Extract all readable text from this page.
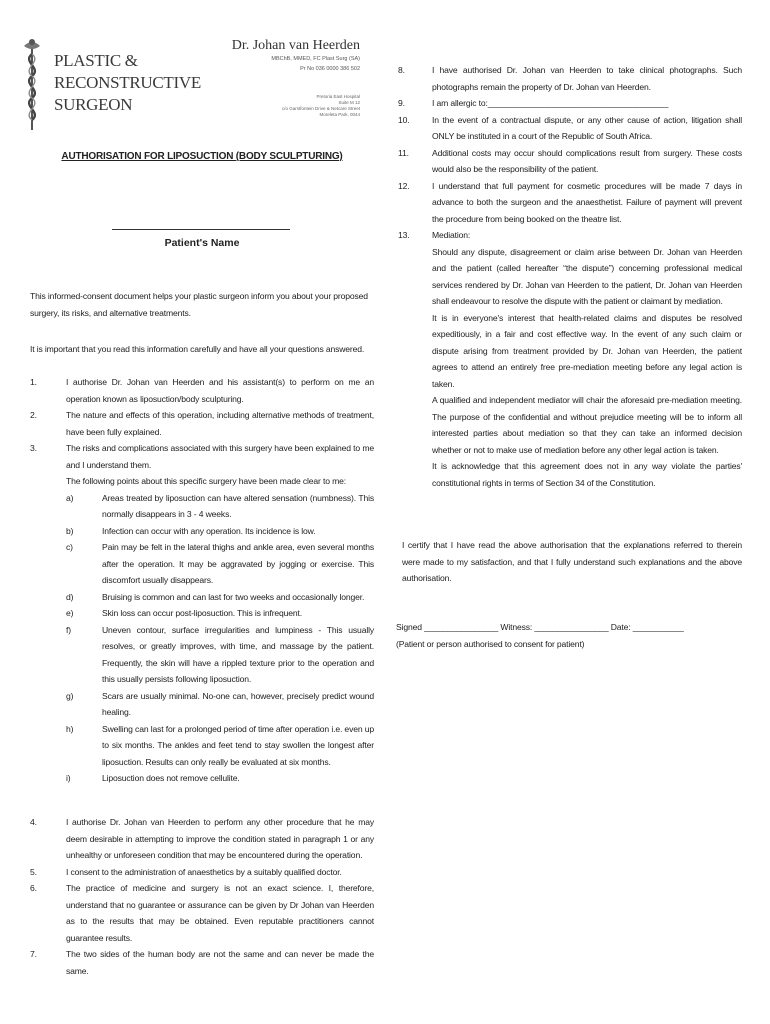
PLASTIC &
RECONSTRUCTIVE
SURGEON
Dr. Johan van Heerden
MBChB, MMED, FC Plast Surg (SA)
Pr No 036 0000 386 502
Pretoria East Hospital
Suite M 12
c/o Garstfontein Drive & Netcare Street
Moreleta Park, 0044
AUTHORISATION FOR LIPOSUCTION (BODY SCULPTURING)
Patient's Name
This informed-consent document helps your plastic surgeon inform you about your proposed surgery, its risks, and alternative treatments.
It is important that you read this information carefully and have all your questions answered.
1.	I authorise Dr. Johan van Heerden and his assistant(s) to perform on me an operation known as liposuction/body sculpturing.
2.	The nature and effects of this operation, including alternative methods of treatment, have been fully explained.
3.	The risks and complications associated with this surgery have been explained to me and I understand them.
The following points about this specific surgery have been made clear to me:
a)	Areas treated by liposuction can have altered sensation (numbness). This normally disappears in 3 - 4 weeks.
b)	Infection can occur with any operation. Its incidence is low.
c)	Pain may be felt in the lateral thighs and ankle area, even several months after the operation. It may be aggravated by jogging or exercise. This discomfort usually disappears.
d)	Bruising is common and can last for two weeks and occasionally longer.
e)	Skin loss can occur post-liposuction. This is infrequent.
f)	Uneven contour, surface irregularities and lumpiness - This usually resolves, or greatly improves, with time, and massage by the patient. Frequently, the skin will have a rippled texture prior to the operation and this usually persists following liposuction.
g)	Scars are usually minimal. No-one can, however, precisely predict wound healing.
h)	Swelling can last for a prolonged period of time after operation i.e. even up to six months. The ankles and feet tend to stay swollen the longest after liposuction. Results can only really be evaluated at six months.
i)	Liposuction does not remove cellulite.
4.	I authorise Dr. Johan van Heerden to perform any other procedure that he may deem desirable in attempting to improve the condition stated in paragraph 1 or any unhealthy or unforeseen condition that may be encountered during the operation.
5.	I consent to the administration of anaesthetics by a suitably qualified doctor.
6.	The practice of medicine and surgery is not an exact science. I, therefore, understand that no guarantee or assurance can be given by Dr Johan van Heerden as to the results that may be obtained. Even reputable practitioners cannot guarantee results.
7.	The two sides of the human body are not the same and can never be made the same.
8.	I have authorised Dr. Johan van Heerden to take clinical photographs. Such photographs remain the property of Dr. Johan van Heerden.
9.	I am allergic to:_______________________________________
10.	In the event of a contractual dispute, or any other cause of action, litigation shall ONLY be instituted in a court of the Republic of South Africa.
11.	Additional costs may occur should complications result from surgery. These costs would also be the responsibility of the patient.
12.	I understand that full payment for cosmetic procedures will be made 7 days in advance to both the surgeon and the anaesthetist. Failure of payment will prevent the procedure from being booked on the theatre list.
13.	Mediation:
Should any dispute, disagreement or claim arise between Dr. Johan van Heerden and the patient (called hereafter “the dispute”) concerning professional medical services rendered by Dr. Johan van Heerden to the patient, Dr. Johan van Heerden shall endeavour to resolve the dispute with the patient or claimant by mediation.
It is in everyone's interest that health-related claims and disputes be resolved expeditiously, in a fair and cost effective way. In the event of any such claim or dispute arising from treatment provided by Dr. Johan van Heerden, the patient agrees to attend an entirely free pre-mediation meeting before any legal action is taken.
A qualified and independent mediator will chair the aforesaid pre-mediation meeting. The purpose of the confidential and without prejudice meeting will be to inform all interested parties about mediation so that they can take an informed decision whether or not to make use of mediation before any other legal action is taken.
It is acknowledge that this agreement does not in any way violate the parties' constitutional rights in terms of Section 34 of the Constitution.
I certify that I have read the above authorisation that the explanations referred to therein were made to my satisfaction, and that I fully understand such explanations and the above authorisation.
Signed ________________ Witness: ________________ Date: ___________
(Patient or person authorised to consent for patient)
